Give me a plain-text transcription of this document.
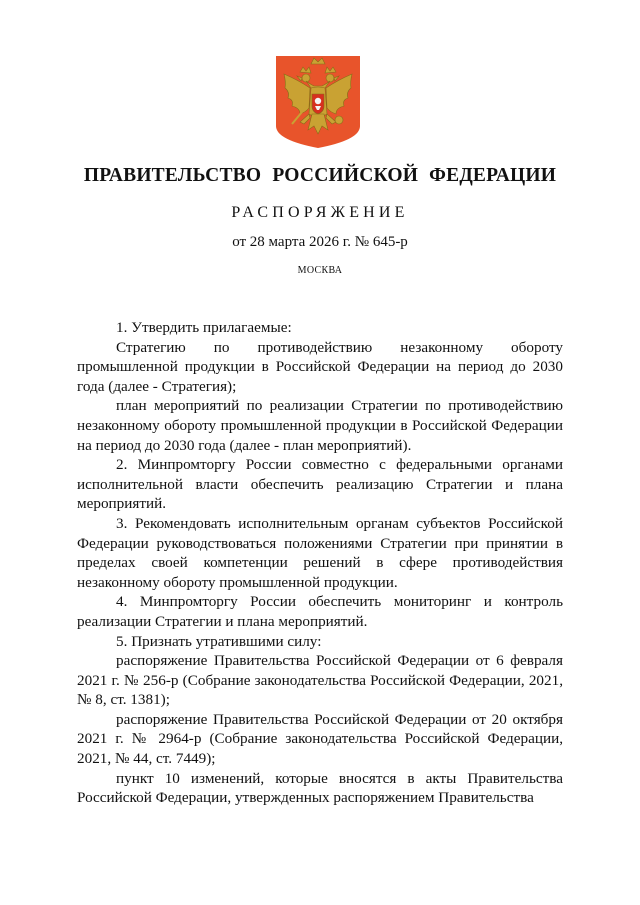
ПРАВИТЕЛЬСТВО РОССИЙСКОЙ ФЕДЕРАЦИИ
РАСПОРЯЖЕНИЕ
от 28 марта 2026 г. № 645-р
МОСКВА

1. Утвердить прилагаемые:

Стратегию по противодействию незаконному обороту промышленной продукции в Российской Федерации на период до 2030 года (далее - Стратегия);

план мероприятий по реализации Стратегии по противодействию незаконному обороту промышленной продукции в Российской Федерации на период до 2030 года (далее - план мероприятий).

2. Минпромторгу России совместно с федеральными органами исполнительной власти обеспечить реализацию Стратегии и плана мероприятий.

3. Рекомендовать исполнительным органам субъектов Российской Федерации руководствоваться положениями Стратегии при принятии в пределах своей компетенции решений в сфере противодействия незаконному обороту промышленной продукции.

4. Минпромторгу России обеспечить мониторинг и контроль реализации Стратегии и плана мероприятий.

5. Признать утратившими силу:

распоряжение Правительства Российской Федерации от 6 февраля 2021 г. № 256-р (Собрание законодательства Российской Федерации, 2021, № 8, ст. 1381);

распоряжение Правительства Российской Федерации от 20 октября 2021 г. № 2964-р (Собрание законодательства Российской Федерации, 2021, № 44, ст. 7449);

пункт 10 изменений, которые вносятся в акты Правительства Российской Федерации, утвержденных распоряжением Правительства
